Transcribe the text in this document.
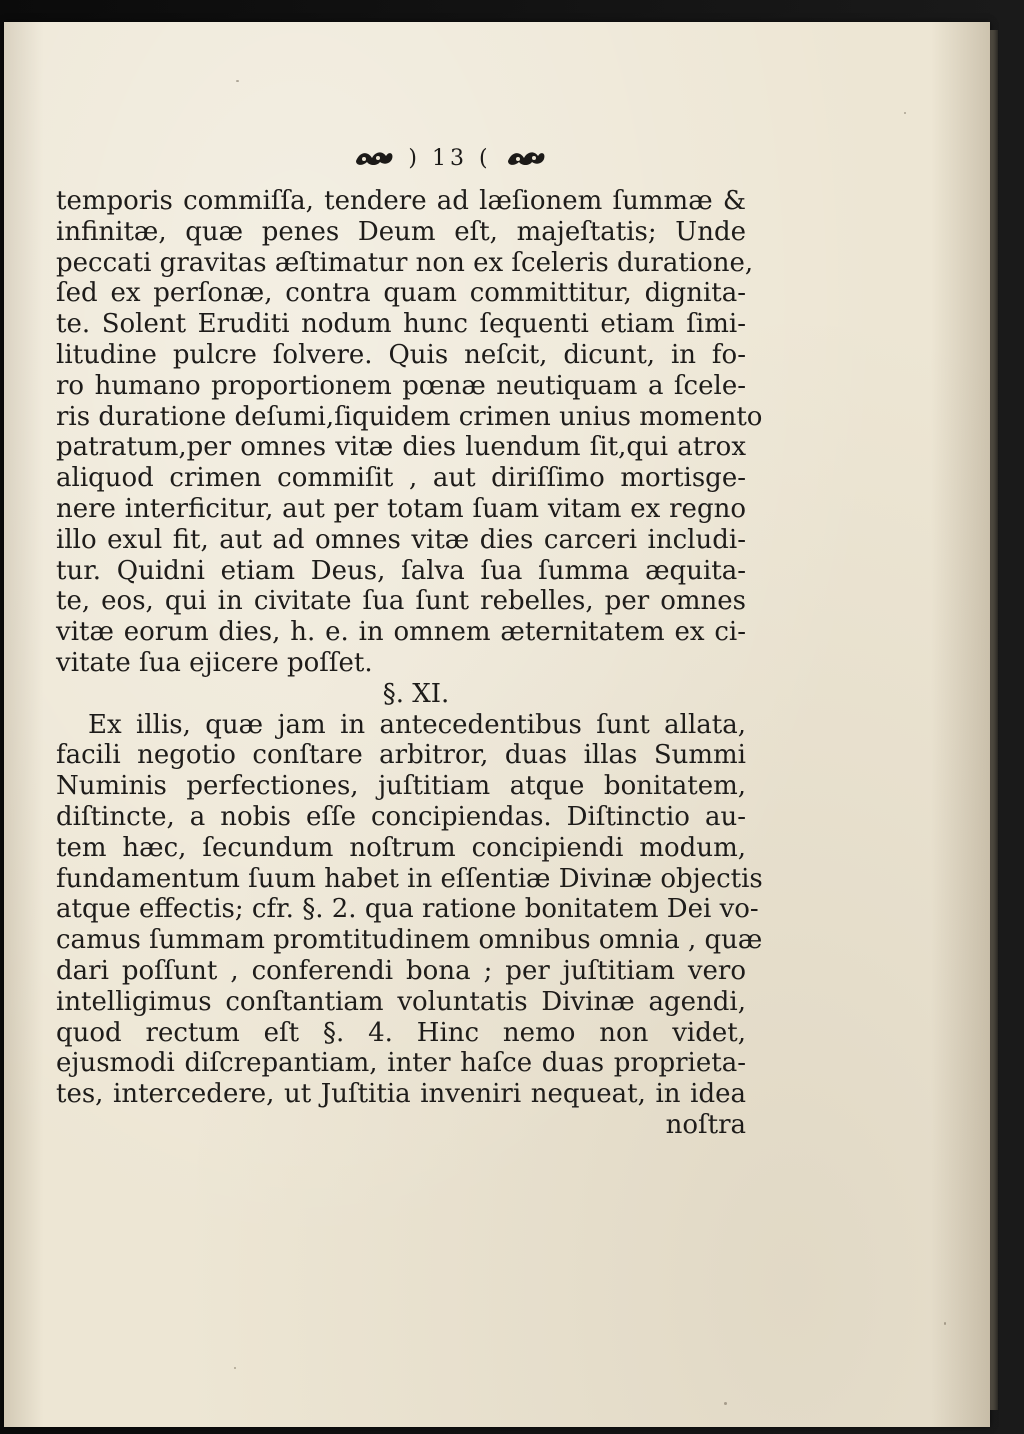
) 13 (
temporis commiſſa, tendere ad læſionem ſummæ &
infinitæ, quæ penes Deum eſt, majeſtatis; Unde
peccati gravitas æſtimatur non ex ſceleris duratione,
ſed ex perſonæ, contra quam committitur, dignita-
te. Solent Eruditi nodum hunc ſequenti etiam ſimi-
litudine pulcre ſolvere. Quis neſcit, dicunt, in fo-
ro humano proportionem pœnæ neutiquam a ſcele-
ris duratione deſumi,ſiquidem crimen unius momento
patratum,per omnes vitæ dies luendum ſit,qui atrox
aliquod crimen commiſit , aut diriſſimo mortisge-
nere interficitur, aut per totam ſuam vitam ex regno
illo exul fit, aut ad omnes vitæ dies carceri includi-
tur. Quidni etiam Deus, ſalva ſua ſumma æquita-
te, eos, qui in civitate ſua ſunt rebelles, per omnes
vitæ eorum dies, h. e. in omnem æternitatem ex ci-
vitate ſua ejicere poſſet.
§. XI.
Ex illis, quæ jam in antecedentibus ſunt allata,
facili negotio conſtare arbitror, duas illas Summi
Numinis perfectiones, juſtitiam atque bonitatem,
diſtincte, a nobis eſſe concipiendas. Diſtinctio au-
tem hæc, ſecundum noſtrum concipiendi modum,
fundamentum ſuum habet in eſſentiæ Divinæ objectis
atque effectis; cfr. §. 2. qua ratione bonitatem Dei vo-
camus ſummam promtitudinem omnibus omnia , quæ
dari poſſunt , conferendi bona ; per juſtitiam vero
intelligimus conſtantiam voluntatis Divinæ agendi,
quod rectum eſt §. 4. Hinc nemo non videt,
ejusmodi diſcrepantiam, inter haſce duas proprieta-
tes, intercedere, ut Juſtitia inveniri nequeat, in idea
noſtra
